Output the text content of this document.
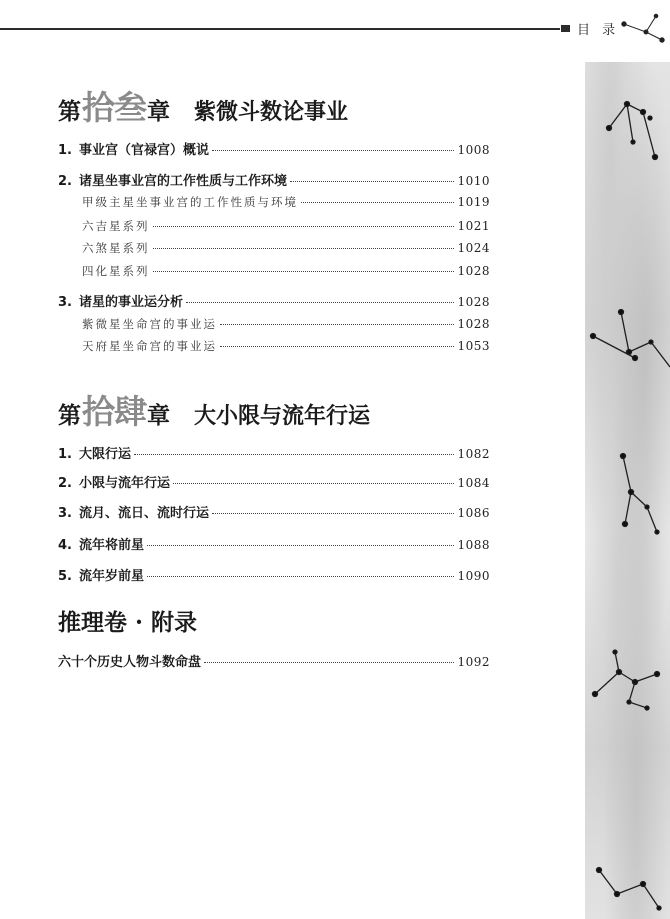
目 录
第 拾叁 章 紫微斗数论事业
1. 事业宫（官禄宫）概说	1008
2. 诸星坐事业宫的工作性质与工作环境	1010
甲级主星坐事业宫的工作性质与环境	1019
六吉星系列	1021
六煞星系列	1024
四化星系列	1028
3. 诸星的事业运分析	1028
紫微星坐命宫的事业运	1028
天府星坐命宫的事业运	1053
第 拾肆 章 大小限与流年行运
1. 大限行运	1082
2. 小限与流年行运	1084
3. 流月、流日、流时行运	1086
4. 流年将前星	1088
5. 流年岁前星	1090
推理卷 · 附录
六十个历史人物斗数命盘	1092
